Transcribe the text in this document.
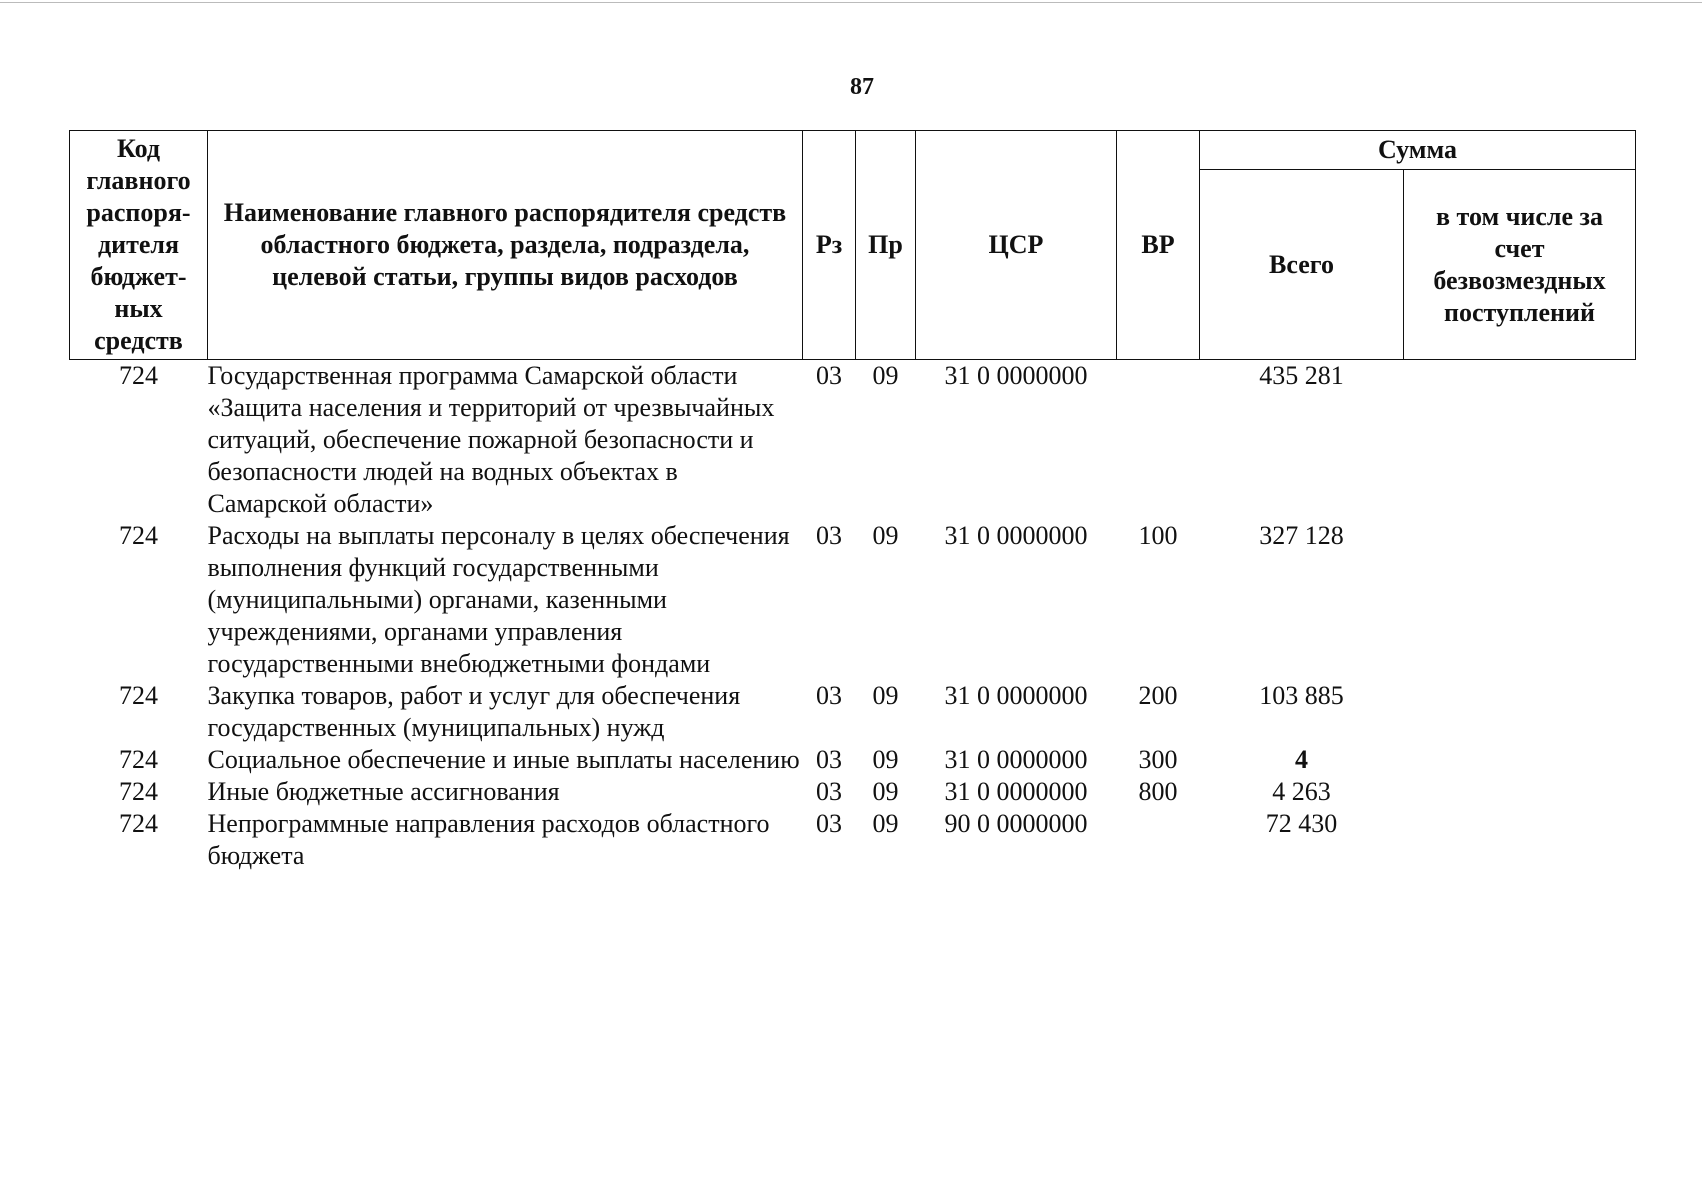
87
Код главного распоря-дителя бюджет-ных средств	Наименование главного распорядителя средств областного бюджета, раздела, подраздела, целевой статьи, группы видов расходов	Рз	Пр	ЦСР	ВР	Сумма	
						Всего	в том числе за счет безвозмездных поступлений
724	Государственная программа Самарской области «Защита населения и территорий от чрезвычайных ситуаций, обеспечение пожарной безопасности и безопасности людей на водных объектах в Самарской области»	03	09	31 0 0000000		435 281	
724	Расходы на выплаты персоналу в целях обеспечения выполнения функций государственными (муниципальными) органами, казенными учреждениями, органами управления государственными внебюджетными фондами	03	09	31 0 0000000	100	327 128	
724	Закупка товаров, работ и услуг для обеспечения государственных (муниципальных) нужд	03	09	31 0 0000000	200	103 885	
724	Социальное обеспечение и иные выплаты населению	03	09	31 0 0000000	300	4	
724	Иные бюджетные ассигнования	03	09	31 0 0000000	800	4 263	
724	Непрограммные направления расходов областного бюджета	03	09	90 0 0000000		72 430	
